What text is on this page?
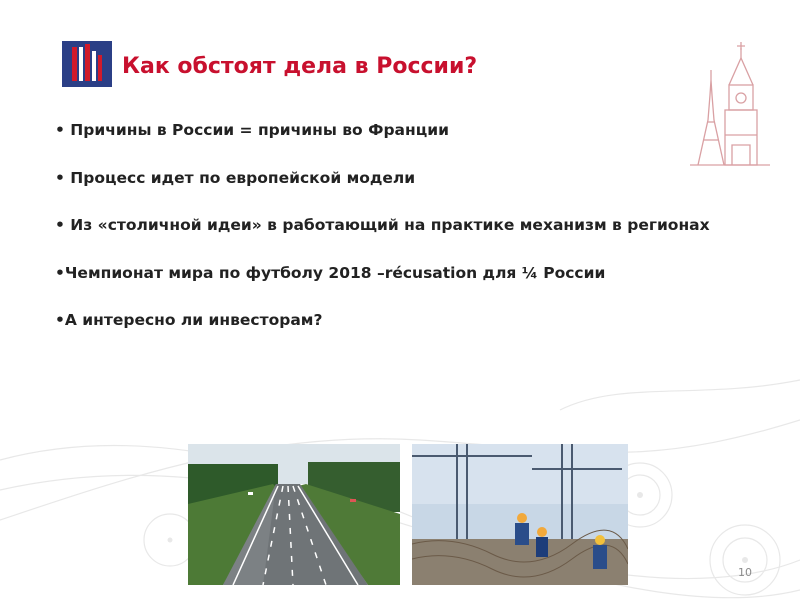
Как обстоят дела в России?
• Причины в России = причины во Франции
• Процесс идет по европейской модели
• Из «столичной идеи» в работающий на практике механизм в регионах
•Чемпионат мира по футболу 2018 –récusation для ¼ России
•А интересно ли инвесторам?
10
